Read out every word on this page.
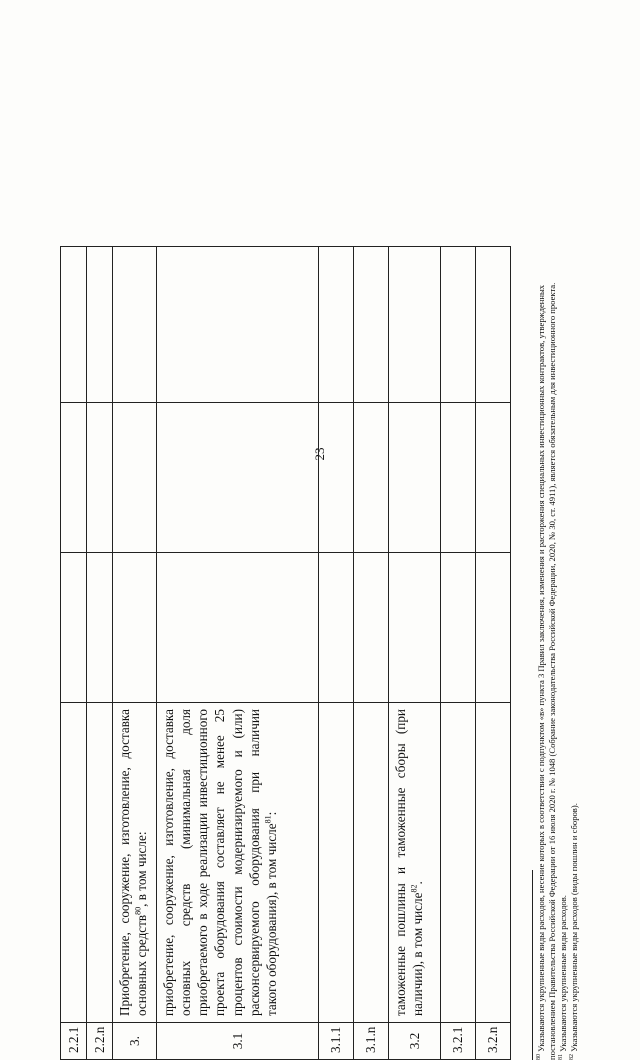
23
2.2.1				
2.2.n				
3.	Приобретение, сооружение, изготовление, доставка основных средств$^{80}$, в том числе:			
3.1	приобретение, сооружение, изготовление, доставка основных средств (минимальная доля приобретаемого в ходе реализации инвестиционного проекта оборудования составляет не менее 25 процентов стоимости модернизируемого и (или) расконсервируемого оборудования при наличии такого оборудования), в том числе$^{81}$:			
3.1.1				
3.1.n				
3.2	таможенные пошлины и таможенные сборы (при наличии), в том числе$^{82}$.			
3.2.1				
3.2.n				
$^{80}$ Указываются укрупненные виды расходов, несение которых в соответствии с подпунктом «в» пункта 3 Правил заключения, изменения и расторжения специальных инвестиционных контрактов, утвержденных постановлением Правительства Российской Федерации от 16 июля 2020 г. № 1048 (Собрание законодательства Российской Федерации, 2020, № 30, ст. 4911), является обязательным для инвестиционного проекта. $^{81}$ Указываются укрупненные виды расходов.
$^{82}$ Указываются укрупненные виды расходов (виды пошлин и сборов).
